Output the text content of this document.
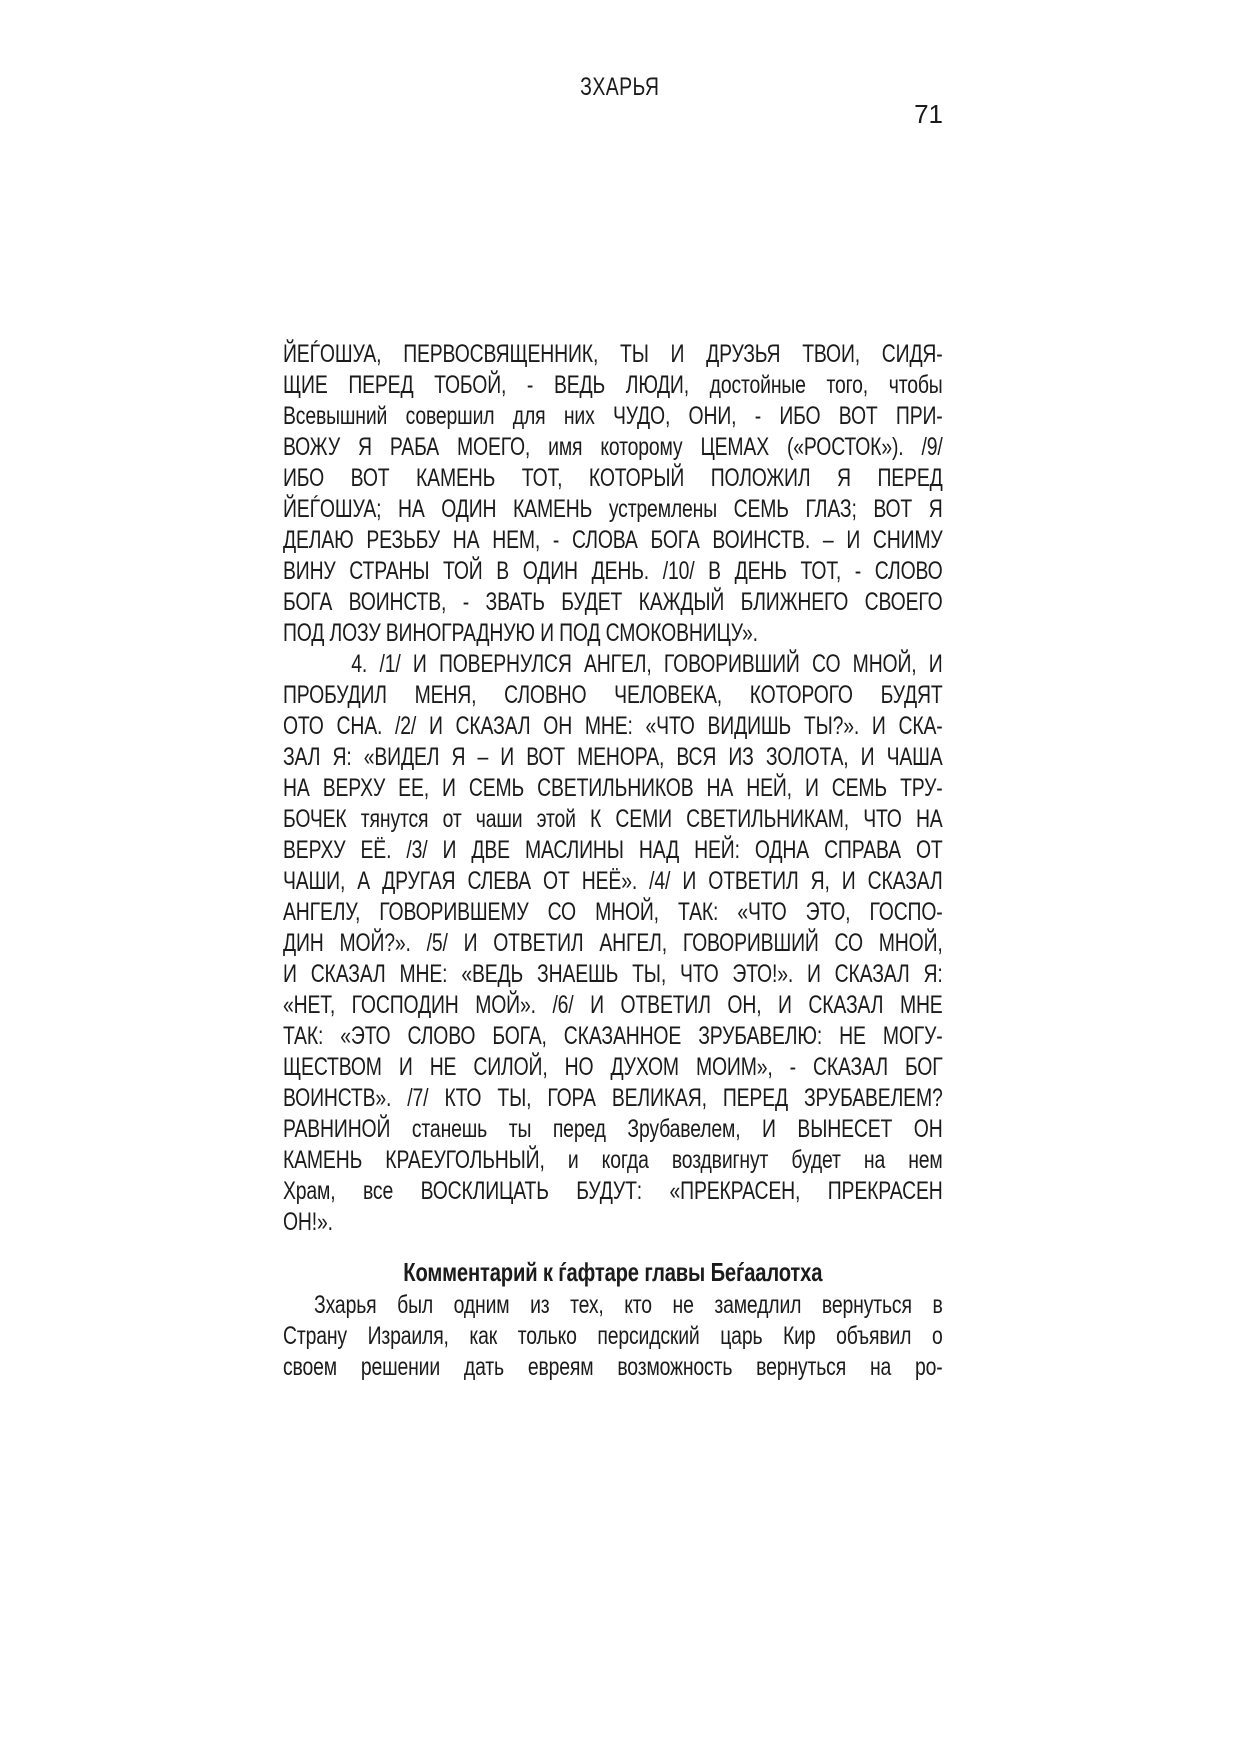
ЗХАРЬЯ
71
ЙЕЃОШУА, ПЕРВОСВЯЩЕННИК, ТЫ И ДРУЗЬЯ ТВОИ, СИДЯ-
ЩИЕ ПЕРЕД ТОБОЙ, - ВЕДЬ ЛЮДИ, достойные того, чтобы
Всевышний совершил для них ЧУДО, ОНИ, - ИБО ВОТ ПРИ-
ВОЖУ Я РАБА МОЕГО, имя которому ЦЕМАХ («РОСТОК»). /9/
ИБО ВОТ КАМЕНЬ ТОТ, КОТОРЫЙ ПОЛОЖИЛ Я ПЕРЕД
ЙЕЃОШУА; НА ОДИН КАМЕНЬ устремлены СЕМЬ ГЛАЗ; ВОТ Я
ДЕЛАЮ РЕЗЬБУ НА НЕМ, - СЛОВА БОГА ВОИНСТВ. – И СНИМУ
ВИНУ СТРАНЫ ТОЙ В ОДИН ДЕНЬ. /10/ В ДЕНЬ ТОТ, - СЛОВО
БОГА ВОИНСТВ, - ЗВАТЬ БУДЕТ КАЖДЫЙ БЛИЖНЕГО СВОЕГО
ПОД ЛОЗУ ВИНОГРАДНУЮ И ПОД СМОКОВНИЦУ».
4. /1/ И ПОВЕРНУЛСЯ АНГЕЛ, ГОВОРИВШИЙ СО МНОЙ, И
ПРОБУДИЛ МЕНЯ, СЛОВНО ЧЕЛОВЕКА, КОТОРОГО БУДЯТ
ОТО СНА. /2/ И СКАЗАЛ ОН МНЕ: «ЧТО ВИДИШЬ ТЫ?». И СКА-
ЗАЛ Я: «ВИДЕЛ Я – И ВОТ МЕНОРА, ВСЯ ИЗ ЗОЛОТА, И ЧАША
НА ВЕРХУ ЕЕ, И СЕМЬ СВЕТИЛЬНИКОВ НА НЕЙ, И СЕМЬ ТРУ-
БОЧЕК тянутся от чаши этой К СЕМИ СВЕТИЛЬНИКАМ, ЧТО НА
ВЕРХУ ЕЁ. /3/ И ДВЕ МАСЛИНЫ НАД НЕЙ: ОДНА СПРАВА ОТ
ЧАШИ, А ДРУГАЯ СЛЕВА ОТ НЕЁ». /4/ И ОТВЕТИЛ Я, И СКАЗАЛ
АНГЕЛУ, ГОВОРИВШЕМУ СО МНОЙ, ТАК: «ЧТО ЭТО, ГОСПО-
ДИН МОЙ?». /5/ И ОТВЕТИЛ АНГЕЛ, ГОВОРИВШИЙ СО МНОЙ,
И СКАЗАЛ МНЕ: «ВЕДЬ ЗНАЕШЬ ТЫ, ЧТО ЭТО!». И СКАЗАЛ Я:
«НЕТ, ГОСПОДИН МОЙ». /6/ И ОТВЕТИЛ ОН, И СКАЗАЛ МНЕ
ТАК: «ЭТО СЛОВО БОГА, СКАЗАННОЕ ЗРУБАВЕЛЮ: НЕ МОГУ-
ЩЕСТВОМ И НЕ СИЛОЙ, НО ДУХОМ МОИМ», - СКАЗАЛ БОГ
ВОИНСТВ». /7/ КТО ТЫ, ГОРА ВЕЛИКАЯ, ПЕРЕД ЗРУБАВЕЛЕМ?
РАВНИНОЙ станешь ты перед Зрубавелем, И ВЫНЕСЕТ ОН
КАМЕНЬ КРАЕУГОЛЬНЫЙ, и когда воздвигнут будет на нем
Храм, все ВОСКЛИЦАТЬ БУДУТ: «ПРЕКРАСЕН, ПРЕКРАСЕН
ОН!».
Комментарий к ѓафтаре главы Беѓаалотха
Зхарья был одним из тех, кто не замедлил вернуться в
Страну Израиля, как только персидский царь Кир объявил о
своем решении дать евреям возможность вернуться на ро-
